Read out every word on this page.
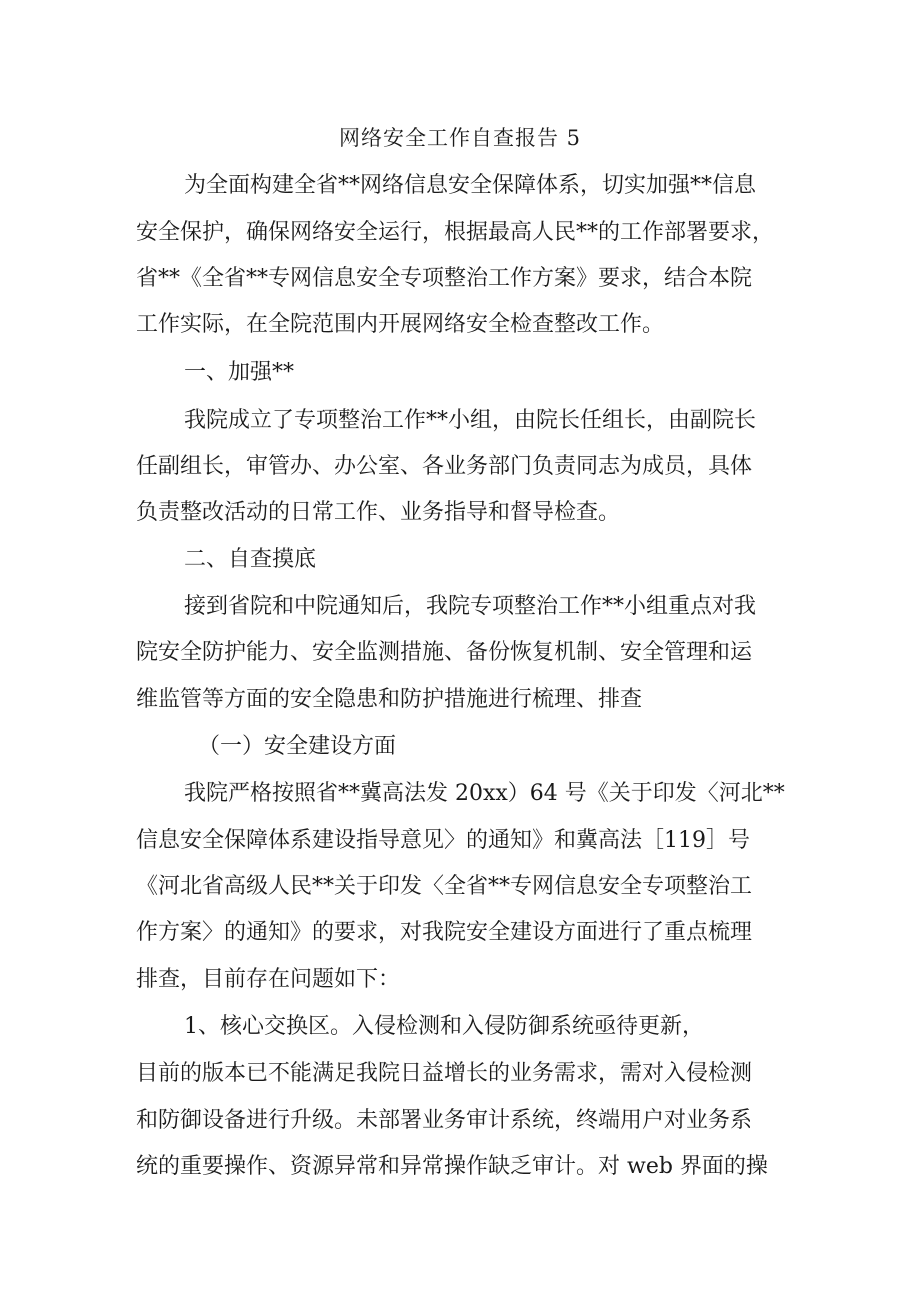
网络安全工作自查报告 5
为全面构建全省**网络信息安全保障体系，切实加强**信息
安全保护，确保网络安全运行，根据最高人民**的工作部署要求，
省**《全省**专网信息安全专项整治工作方案》要求，结合本院
工作实际，在全院范围内开展网络安全检查整改工作。
一、加强**
我院成立了专项整治工作**小组，由院长任组长，由副院长
任副组长，审管办、办公室、各业务部门负责同志为成员，具体
负责整改活动的日常工作、业务指导和督导检查。
二、自查摸底
接到省院和中院通知后，我院专项整治工作**小组重点对我
院安全防护能力、安全监测措施、备份恢复机制、安全管理和运
维监管等方面的安全隐患和防护措施进行梳理、排查
（一）安全建设方面
我院严格按照省**冀高法发 20xx）64 号《关于印发〈河北**
信息安全保障体系建设指导意见〉的通知》和冀高法［119］号
《河北省高级人民**关于印发〈全省**专网信息安全专项整治工
作方案〉的通知》的要求，对我院安全建设方面进行了重点梳理
排查，目前存在问题如下：
1、核心交换区。入侵检测和入侵防御系统亟待更新，
目前的版本已不能满足我院日益增长的业务需求，需对入侵检测
和防御设备进行升级。未部署业务审计系统，终端用户对业务系
统的重要操作、资源异常和异常操作缺乏审计。对 web 界面的操
